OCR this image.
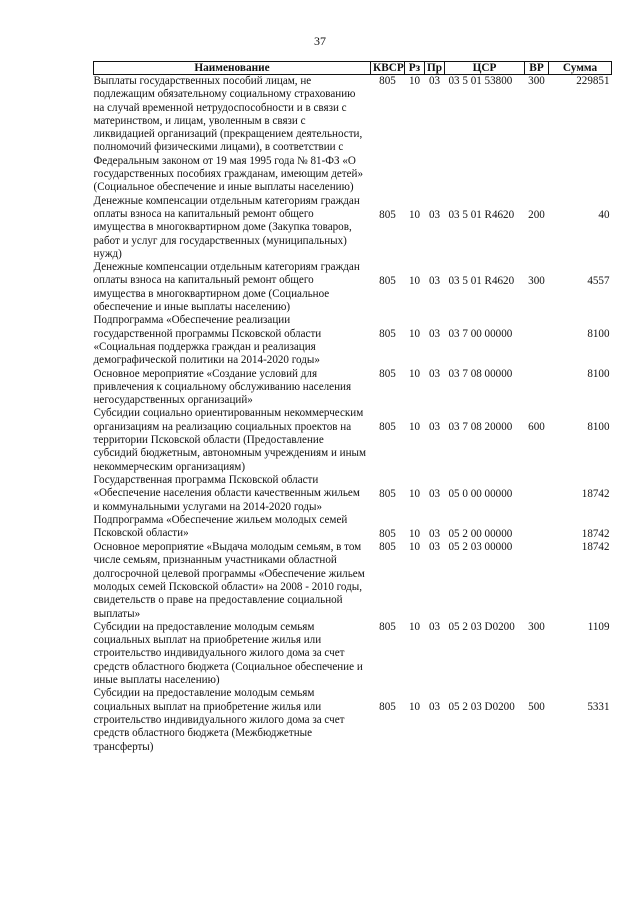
37
Наименование	КВСР	Рз	Пр	ЦСР	ВР	Сумма
Выплаты государственных пособий лицам, не подлежащим обязательному социальному страхованию на случай временной нетрудоспособности и в связи с материнством, и лицам, уволенным в связи с ликвидацией организаций (прекращением деятельности, полномочий физическими лицами), в соответствии с Федеральным законом от 19 мая 1995 года № 81-ФЗ «О государственных пособиях гражданам, имеющим детей» (Социальное обеспечение и иные выплаты населению)	805	10	03	03 5 01 53800	300	229851
Денежные компенсации отдельным категориям граждан оплаты взноса на капитальный ремонт общего имущества в многоквартирном доме (Закупка товаров, работ и услуг для государственных (муниципальных) нужд)	805	10	03	03 5 01 R4620	200	40
Денежные компенсации отдельным категориям граждан оплаты взноса на капитальный ремонт общего имущества в многоквартирном доме (Социальное обеспечение и иные выплаты населению)	805	10	03	03 5 01 R4620	300	4557
Подпрограмма «Обеспечение реализации государственной программы Псковской области «Социальная поддержка граждан и реализация демографической политики на 2014-2020 годы»	805	10	03	03 7 00 00000		8100
Основное мероприятие «Создание условий для привлечения к социальному обслуживанию населения негосударственных организаций»	805	10	03	03 7 08 00000		8100
Субсидии социально ориентированным некоммерческим организациям на реализацию социальных проектов на территории Псковской области (Предоставление субсидий бюджетным, автономным учреждениям и иным некоммерческим организациям)	805	10	03	03 7 08 20000	600	8100
Государственная программа Псковской области «Обеспечение населения области качественным жильем и коммунальными услугами на 2014-2020 годы»	805	10	03	05 0 00 00000		18742
Подпрограмма «Обеспечение жильем молодых семей Псковской области»	805	10	03	05 2 00 00000		18742
Основное мероприятие «Выдача молодым семьям, в том числе семьям, признанным участниками областной долгосрочной целевой программы «Обеспечение жильем молодых семей Псковской области» на 2008 - 2010 годы, свидетельств о праве на предоставление социальной выплаты»	805	10	03	05 2 03 00000		18742
Субсидии на предоставление молодым семьям социальных выплат на приобретение жилья или строительство индивидуального жилого дома за счет средств областного бюджета (Социальное обеспечение и иные выплаты населению)	805	10	03	05 2 03 D0200	300	1109
Субсидии на предоставление молодым семьям социальных выплат на приобретение жилья или строительство индивидуального жилого дома за счет средств областного бюджета (Межбюджетные трансферты)	805	10	03	05 2 03 D0200	500	5331
